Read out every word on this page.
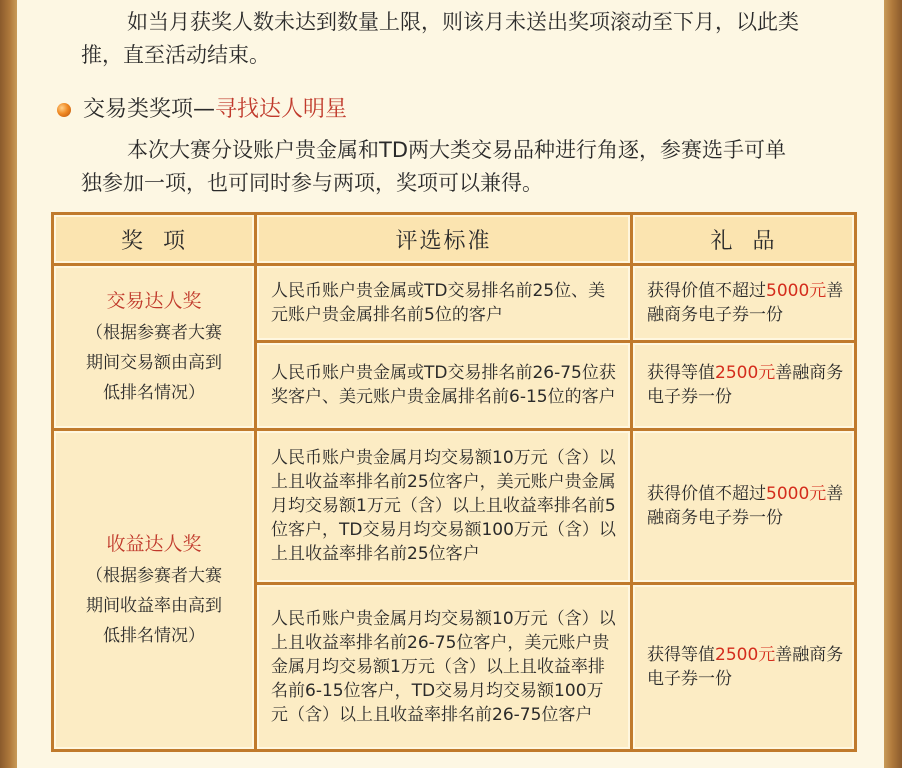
如当月获奖人数未达到数量上限，则该月未送出奖项滚动至下月，以此类
推，直至活动结束。
交易类奖项— 寻找达人明星
本次大赛分设账户贵金属和TD两大类交易品种进行角逐，参赛选手可单
独参加一项，也可同时参与两项，奖项可以兼得。
奖  项	评选标准	礼  品

交易达人奖
（根据参赛者大赛
期间交易额由高到
低排名情况）	人民币账户贵金属或TD交易排名前25位、美元账户贵金属排名前5位的客户	获得价值不超过5000元善融商务电子券一份
	人民币账户贵金属或TD交易排名前26-75位获奖客户、美元账户贵金属排名前6-15位的客户	获得等值2500元善融商务电子券一份

收益达人奖
（根据参赛者大赛
期间收益率由高到
低排名情况）	人民币账户贵金属月均交易额10万元（含）以上且收益率排名前25位客户，美元账户贵金属月均交易额1万元（含）以上且收益率排名前5位客户，TD交易月均交易额100万元（含）以上且收益率排名前25位客户	获得价值不超过5000元善融商务电子券一份
	人民币账户贵金属月均交易额10万元（含）以上且收益率排名前26-75位客户，美元账户贵金属月均交易额1万元（含）以上且收益率排名前6-15位客户，TD交易月均交易额100万元（含）以上且收益率排名前26-75位客户	获得等值2500元善融商务电子券一份
